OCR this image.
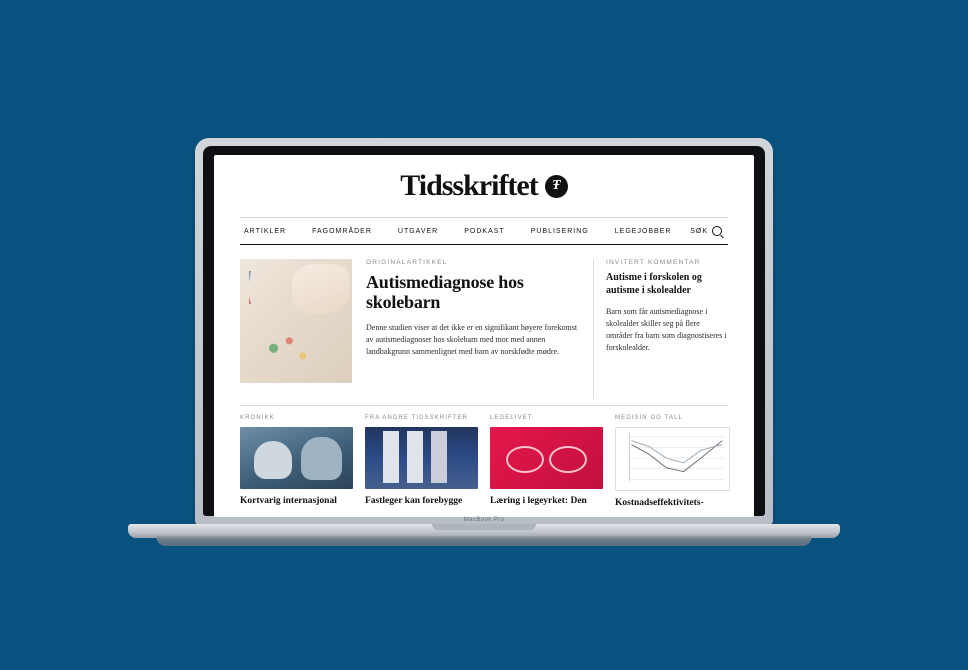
Tidsskriftet	Ŧ
ARTIKLER	FAGOMRÅDER	UTGAVER	PODKAST	PUBLISERING	LEGEJOBBER	SØK
ORIGINALARTIKKEL
Autismediagnose hos skolebarn

Denne studien viser at det ikke er en signifikant høyere forekomst av autismediagnoser hos skolebarn med mor med annen landbakgrunn sammenlignet med barn av norskfødte mødre.

INVITERT KOMMENTAR
Autisme i forskolen og autisme i skolealder

Barn som får autismediagnose i skolealder skiller seg på flere områder fra barn som diagnostiseres i forskolealder.

KRONIKK
Kortvarig internasjonal
FRA ANDRE TIDSSKRIFTER
Fastleger kan forebygge
LEGELIVET
Læring i legeyrket: Den
MEDISIN OG TALL
Kostnadseffektivitets-
MacBook Pro
